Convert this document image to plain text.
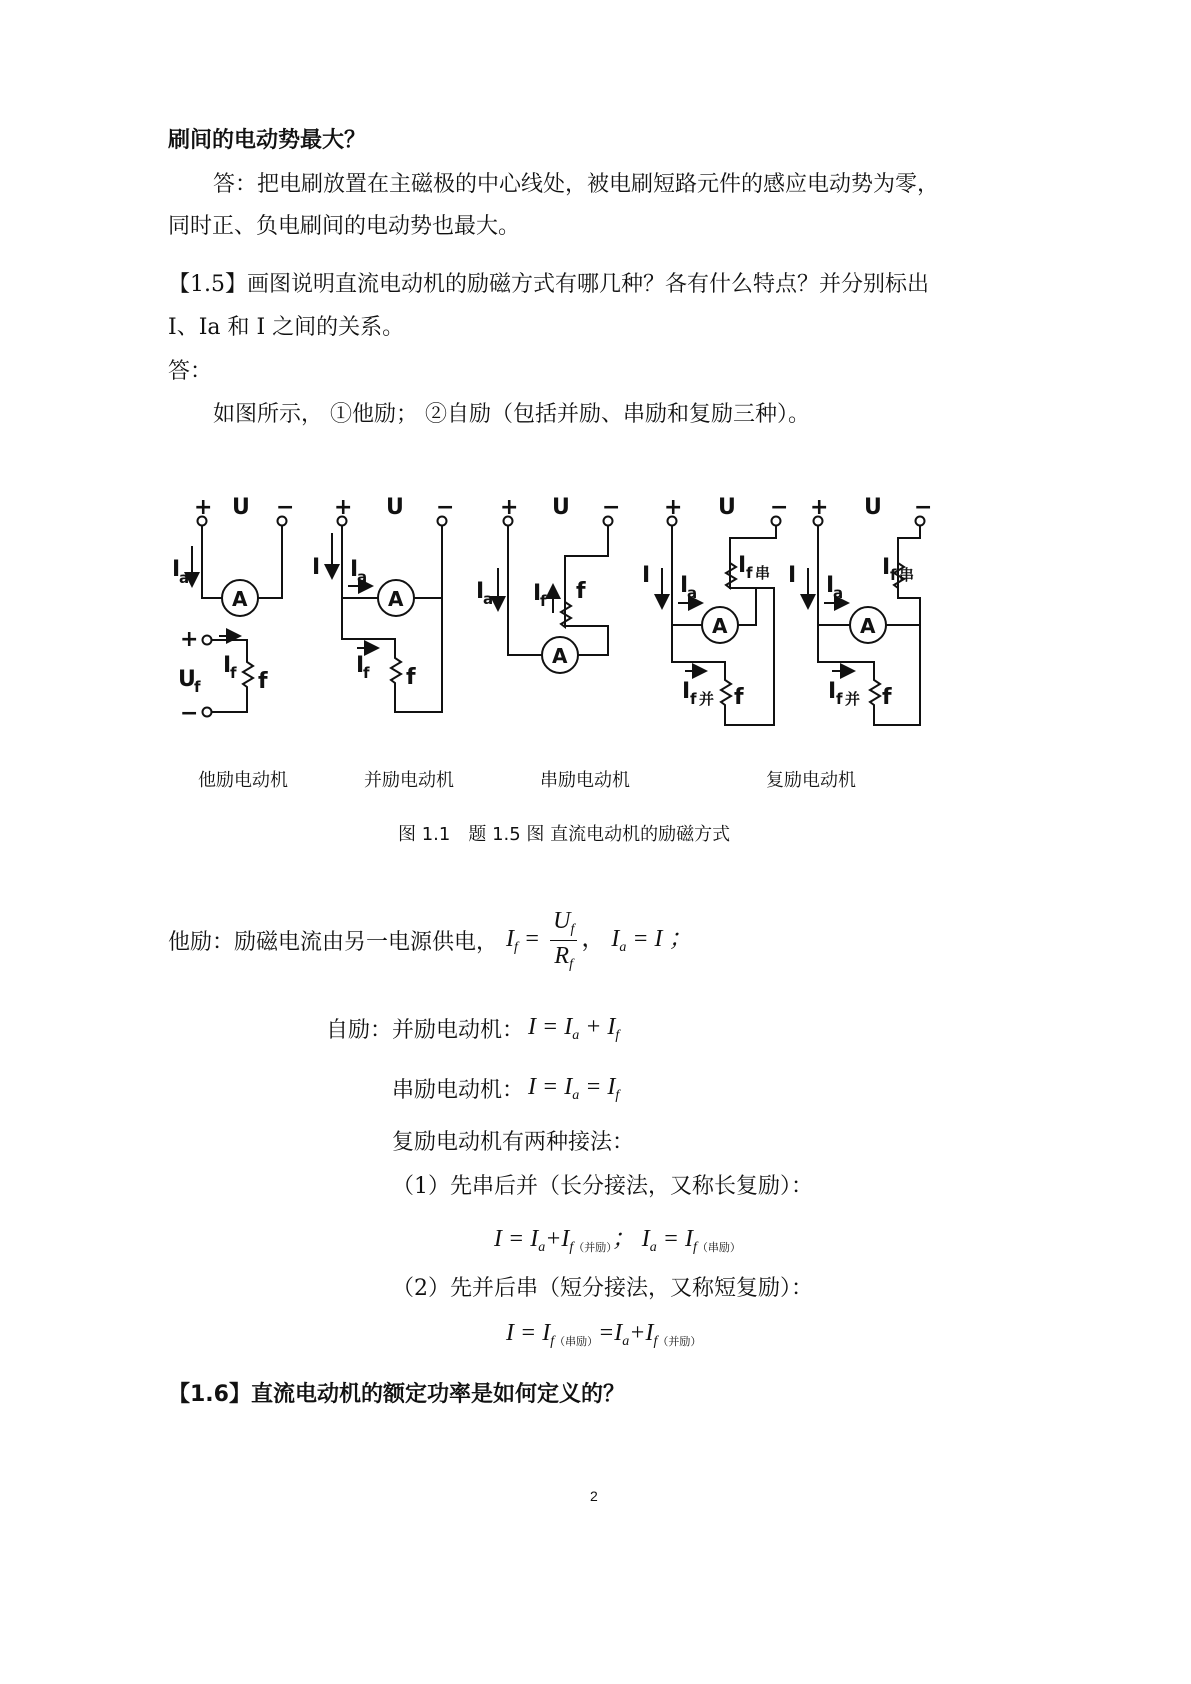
刷间的电动势最大？
答：把电刷放置在主磁极的中心线处，被电刷短路元件的感应电动势为零，
同时正、负电刷间的电动势也最大。
【1.5】画图说明直流电动机的励磁方式有哪几种？各有什么特点？并分别标出
I、Ia 和 I 之间的关系。
答：
如图所示， ①他励； ②自励（包括并励、串励和复励三种）。
+ U −
I
a
A
+
U
f
−
I
f f
+ U −
I I
a
A
I
f f
+ U −
I
a I
f f
A
+ U −
I I
a
I f 串
A
I f 并 f
+ U −
I I
a
I f 串
A
I f 并 f
他励电动机	并励电动机	串励电动机	复励电动机
图 1.1　题 1.5 图 直流电动机的励磁方式
他励：励磁电流由另一电源供电， $I_f = \frac{U_f}{R_f}$ ， $I_a = I$ ；
自励：并励电动机： $I = I_a + I_f$
串励电动机： $I = I_a = I_f$
复励电动机有两种接法：
（1）先串后并（长分接法，又称长复励）：
$I = I_a+I_{f(并励)}$； $I_a = I_{f(串励)}$
（2）先并后串（短分接法，又称短复励）：
$I = I_{f(串励)}=I_a+I_{f(并励)}$
【1.6】直流电动机的额定功率是如何定义的？
2
